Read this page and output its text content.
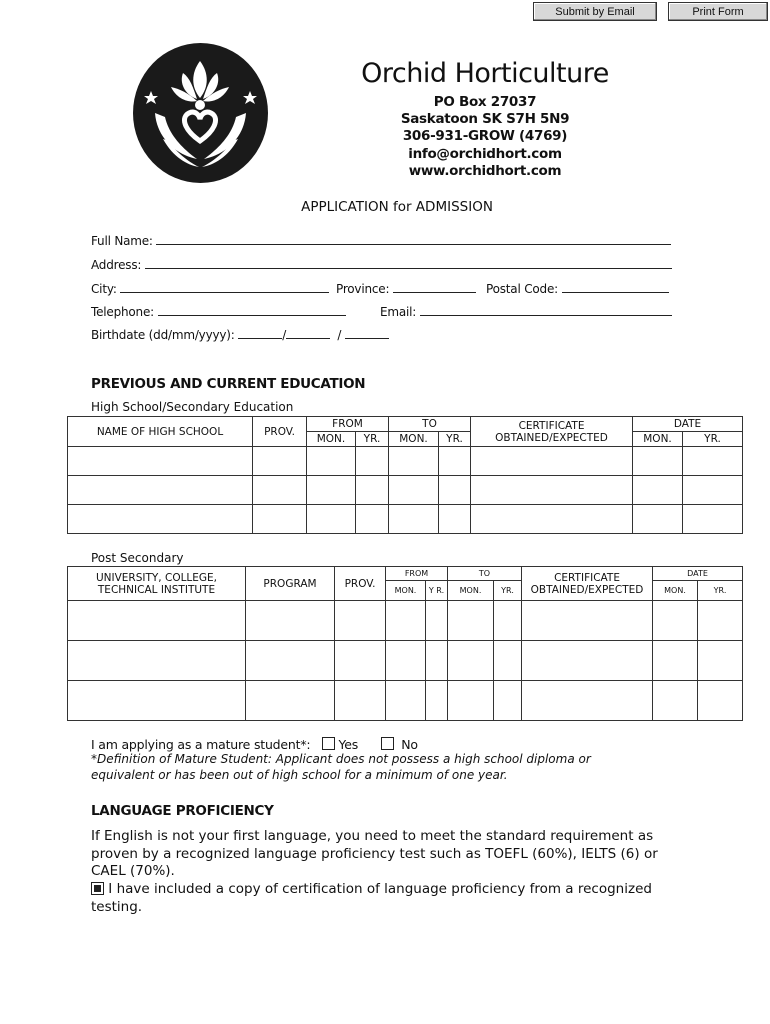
Submit by Email	Print Form
Orchid Horticulture
PO Box 27037
Saskatoon SK S7H 5N9
306-931-GROW (4769)
info@orchidhort.com
www.orchidhort.com
APPLICATION for ADMISSION
Full Name:
Address:
City:	Province:	Postal Code:
Telephone:	Email:
Birthdate (dd/mm/yyyy):	/	/
PREVIOUS AND CURRENT EDUCATION
High School/Secondary Education
NAME OF HIGH SCHOOL	PROV.	FROM		TO		CERTIFICATE OBTAINED/EXPECTED	DATE	
		MON.	YR.	MON.	YR.		MON.	YR.

Post Secondary
UNIVERSITY, COLLEGE, TECHNICAL INSTITUTE	PROGRAM	PROV.	FROM		TO		CERTIFICATE OBTAINED/EXPECTED	DATE	
			MON.	Y R.	MON.	YR.		MON.	YR.

I am applying as a mature student*: Yes	No
*Definition of Mature Student: Applicant does not possess a high school diploma or equivalent or has been out of high school for a minimum of one year.
LANGUAGE PROFICIENCY
If English is not your first language, you need to meet the standard requirement as proven by a recognized language proficiency test such as TOEFL (60%), IELTS (6) or CAEL (70%).
I have included a copy of certification of language proficiency from a recognized testing.
